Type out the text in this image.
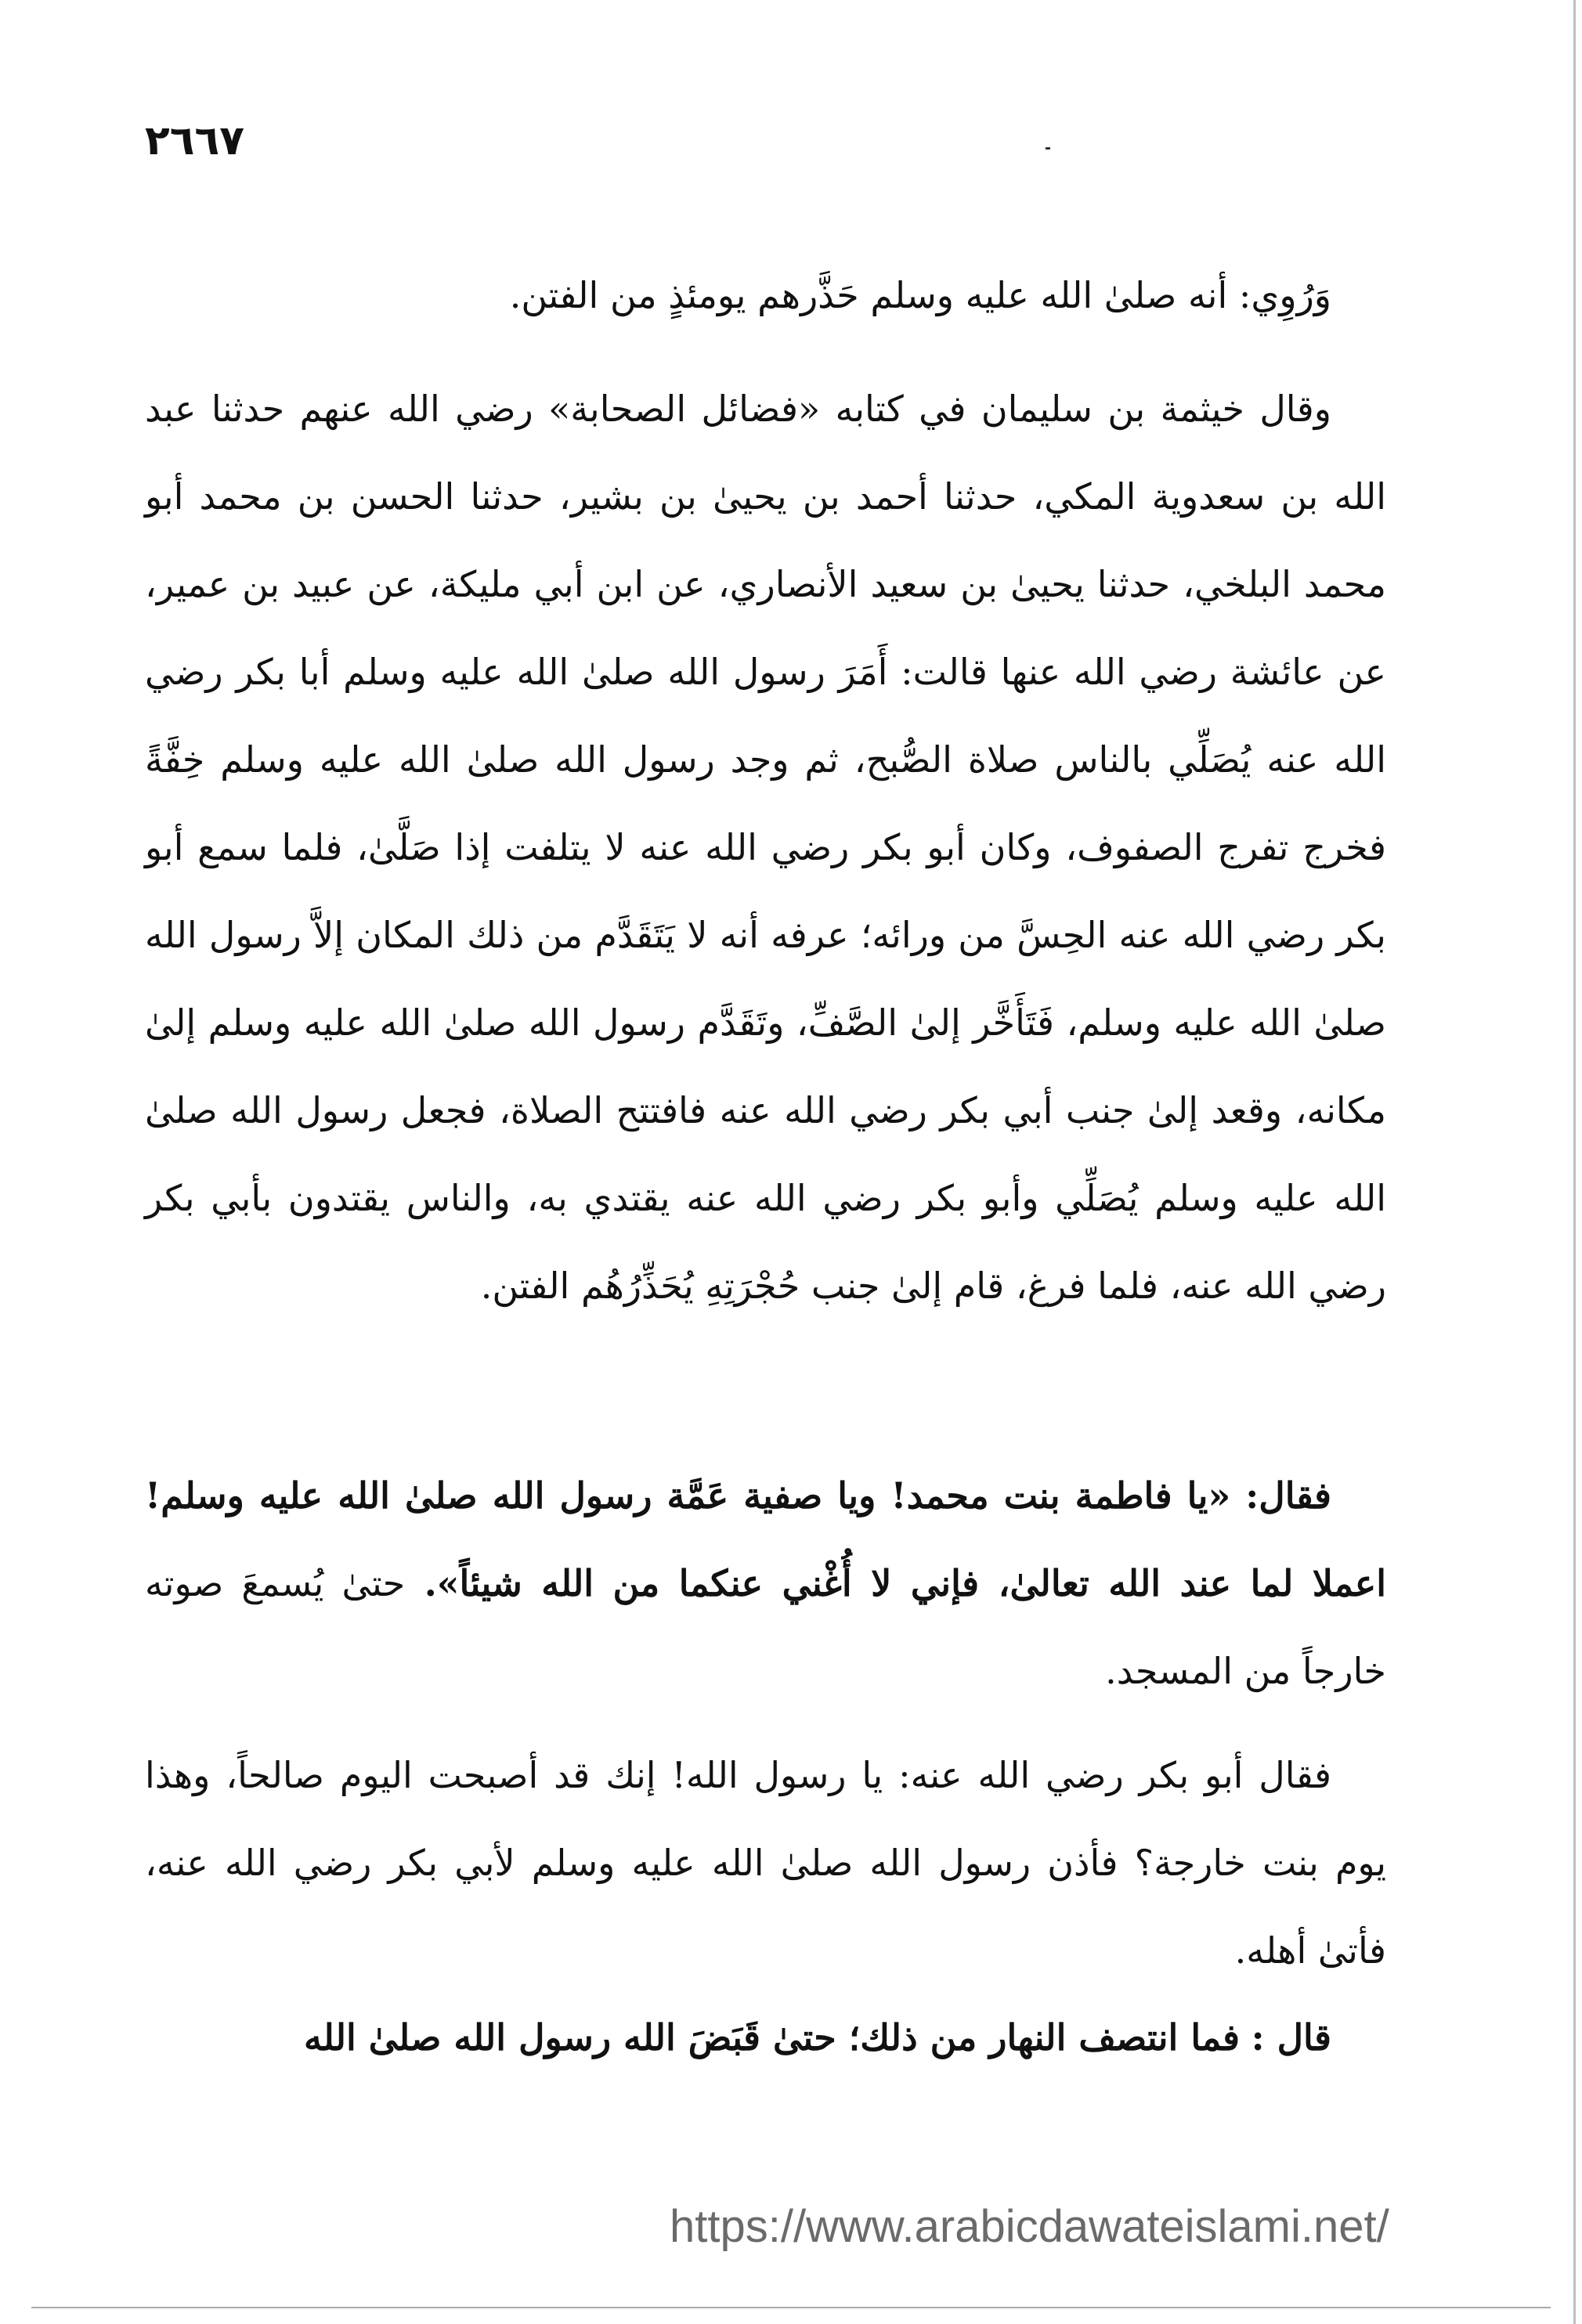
٢٦٦٧

وَرُوِي: أنه صلىٰ الله عليه وسلم حَذَّرهم يومئذٍ من الفتن.

وقال خيثمة بن سليمان في كتابه «فضائل الصحابة» رضي الله عنهم حدثنا عبد الله بن سعدوية المكي، حدثنا أحمد بن يحيىٰ بن بشير، حدثنا الحسن بن محمد أبو محمد البلخي، حدثنا يحيىٰ بن سعيد الأنصاري، عن ابن أبي مليكة، عن عبيد بن عمير، عن عائشة رضي الله عنها قالت: أَمَرَ رسول الله صلىٰ الله عليه وسلم أبا بكر رضي الله عنه يُصَلِّي بالناس صلاة الصُّبح، ثم وجد رسول الله صلىٰ الله عليه وسلم خِفَّةً فخرج تفرج الصفوف، وكان أبو بكر رضي الله عنه لا يتلفت إذا صَلَّىٰ، فلما سمع أبو بكر رضي الله عنه الحِسَّ من ورائه؛ عرفه أنه لا يَتَقَدَّم من ذلك المكان إلاَّ رسول الله صلىٰ الله عليه وسلم، فَتَأَخَّر إلىٰ الصَّفِّ، وتَقَدَّم رسول الله صلىٰ الله عليه وسلم إلىٰ مكانه، وقعد إلىٰ جنب أبي بكر رضي الله عنه فافتتح الصلاة، فجعل رسول الله صلىٰ الله عليه وسلم يُصَلِّي وأبو بكر رضي الله عنه يقتدي به، والناس يقتدون بأبي بكر رضي الله عنه، فلما فرغ، قام إلىٰ جنب حُجْرَتِهِ يُحَذِّرُهُم الفتن.

فقال: «يا فاطمة بنت محمد! ويا صفية عَمَّة رسول الله صلىٰ الله عليه وسلم! اعملا لما عند الله تعالىٰ، فإني لا أُغْني عنكما من الله شيئاً». حتىٰ يُسمعَ صوته خارجاً من المسجد.

فقال أبو بكر رضي الله عنه: يا رسول الله! إنك قد أصبحت اليوم صالحاً، وهذا يوم بنت خارجة؟ فأذن رسول الله صلىٰ الله عليه وسلم لأبي بكر رضي الله عنه، فأتىٰ أهله.

قال : فما انتصف النهار من ذلك؛ حتىٰ قَبَضَ الله رسول الله صلىٰ الله

https://www.arabicdawateislami.net/
